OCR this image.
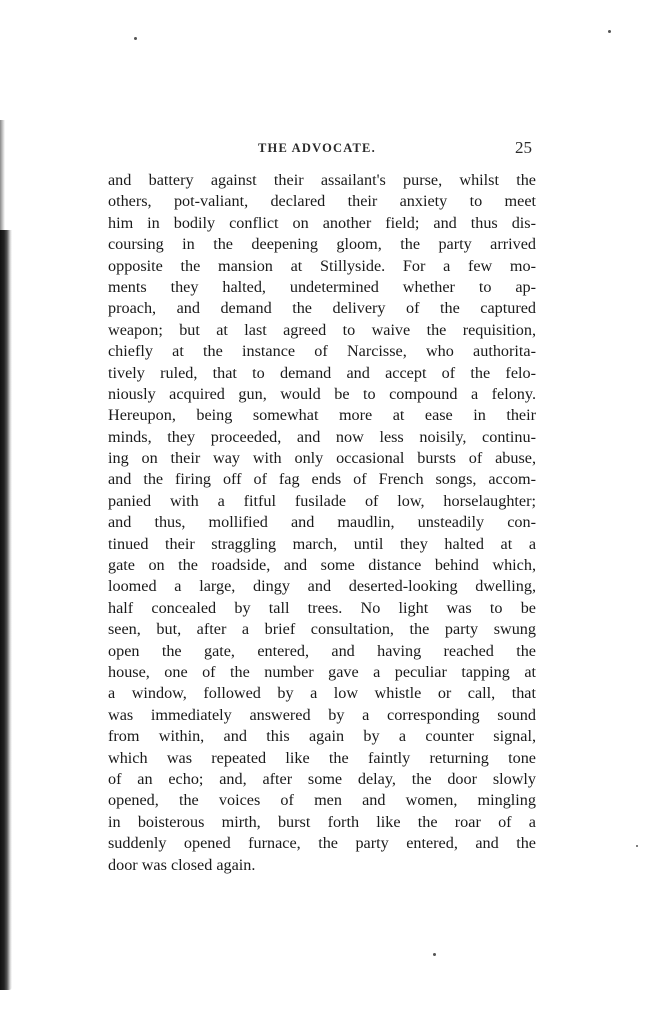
THE ADVOCATE.	25
and battery against their assailant's purse, whilst the
others, pot-valiant, declared their anxiety to meet
him in bodily conflict on another field; and thus dis-
coursing in the deepening gloom, the party arrived
opposite the mansion at Stillyside. For a few mo-
ments they halted, undetermined whether to ap-
proach, and demand the delivery of the captured
weapon; but at last agreed to waive the requisition,
chiefly at the instance of Narcisse, who authorita-
tively ruled, that to demand and accept of the felo-
niously acquired gun, would be to compound a felony.
Hereupon, being somewhat more at ease in their
minds, they proceeded, and now less noisily, continu-
ing on their way with only occasional bursts of abuse,
and the firing off of fag ends of French songs, accom-
panied with a fitful fusilade of low, horselaughter;
and thus, mollified and maudlin, unsteadily con-
tinued their straggling march, until they halted at a
gate on the roadside, and some distance behind which,
loomed a large, dingy and deserted-looking dwelling,
half concealed by tall trees. No light was to be
seen, but, after a brief consultation, the party swung
open the gate, entered, and having reached the
house, one of the number gave a peculiar tapping at
a window, followed by a low whistle or call, that
was immediately answered by a corresponding sound
from within, and this again by a counter signal,
which was repeated like the faintly returning tone
of an echo; and, after some delay, the door slowly
opened, the voices of men and women, mingling
in boisterous mirth, burst forth like the roar of a
suddenly opened furnace, the party entered, and the
door was closed again.
